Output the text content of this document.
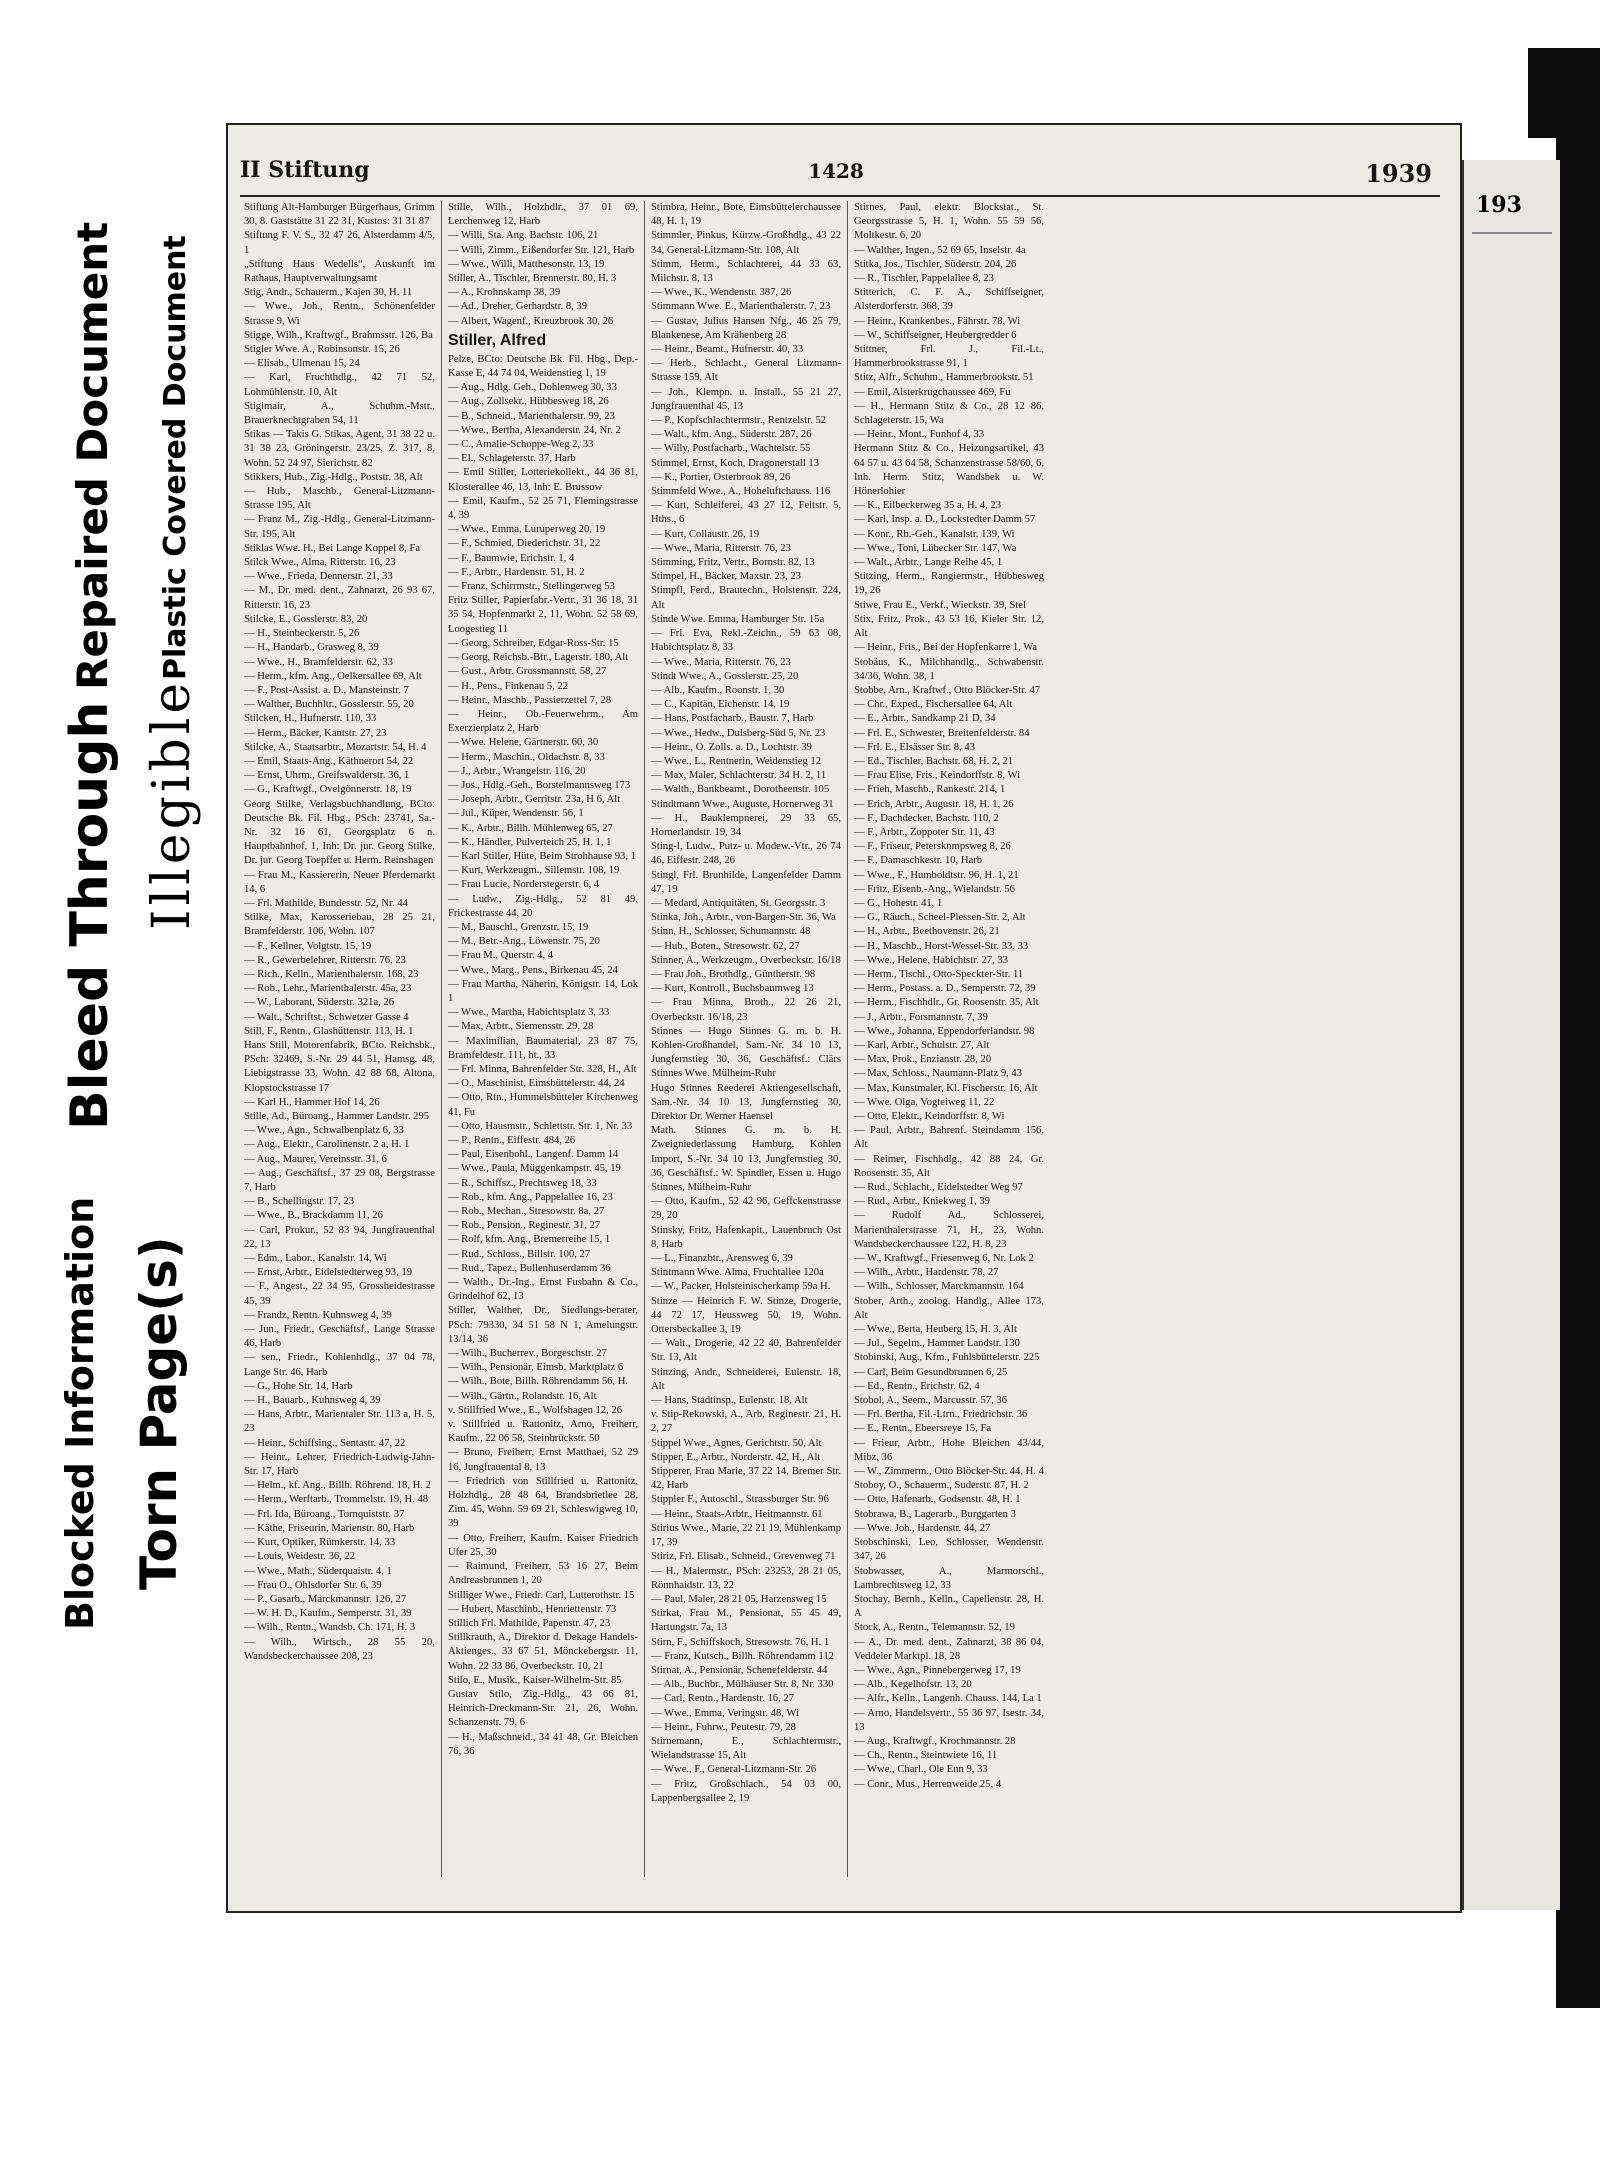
Blocked Information
Bleed Through
Repaired Document
Torn Page(s)
Illegible
Plastic Covered Document
II Stiftung	1428	1939

Stiftung Alt-Hamburger Bürgerhaus, Grimm 30, 8. Gaststätte 31 22 31, Kustos: 31 31 87

Stiftung F. V. S., 32 47 26, Alsterdamm 4/5, 1

„Stiftung Haus Wedells“, Auskunft im Rathaus, Hauptverwaltungsamt

Stig, Andr., Schauerm., Kajen 30, H. 11

— Wwe., Joh., Rentn., Schönenfelder Strasse 9, Wi

Stigge, Wilh., Kraftwgf., Brahmsstr. 126, Ba

Stigler Wwe. A., Robinsonstr. 15, 26

— Elisab., Ulmenau 15, 24

— Karl, Fruchthdlg., 42 71 52, Lohmühlenstr. 10, Alt

Stiglmair, A., Schuhm.-Mstr., Brauerknechtgraben 54, 11

Stikas — Takis G. Stikas, Agent, 31 38 22 u. 31 38 23, Gröningerstr. 23/25, Z. 317, 8, Wohn. 52 24 97, Sierichstr. 82

Stikkers, Hub., Zig.-Hdlg., Poststr. 38, Alt

— Hub., Maschb., General-Litzmann-Strasse 195, Alt

— Franz M., Zig.-Hdlg., General-Litzmann-Str. 195, Alt

Stiklas Wwe. H., Bei Lange Koppel 8, Fa

Stilck Wwe., Alma, Ritterstr. 16, 23

— Wwe., Frieda, Dennerstr. 21, 33

— M., Dr. med. dent., Zahnarzt, 26 93 67, Ritterstr. 16, 23

Stilcke, E., Gosslerstr. 83, 20

— H., Steinbeckerstr. 5, 26

— H., Handarb., Grasweg 8, 39

— Wwe., H., Bramfelderstr. 62, 33

— Herm., kfm. Ang., Oelkersallee 69, Alt

— F., Post-Assist. a. D., Mansteinstr. 7

— Walther, Buchhltr., Gosslerstr. 55, 20

Stilcken, H., Hufnerstr. 110, 33

— Herm., Bäcker, Kantstr. 27, 23

Stilcke, A., Staatsarbtr., Mozartstr. 54, H. 4

— Emil, Staats-Ang., Käthnerort 54, 22

— Ernst, Uhrm., Greifswalderstr. 36, 1

— G., Kraftwgf., Ovelgönnerstr. 18, 19

Georg Stilke, Verlagsbuchhandlung, BCto: Deutsche Bk. Fil. Hbg., PSch: 23741, Sa.-Nr. 32 16 61, Georgsplatz 6 n. Hauptbahnhof, 1, Inh: Dr. jur. Georg Stilke, Dr. jur. Georg Toepffer u. Herm. Reinshagen

— Frau M., Kassiererin, Neuer Pferdemarkt 14, 6

— Frl. Mathilde, Bundesstr. 52, Nr. 44

Stilke, Max, Karosseriebau, 28 25 21, Bramfelderstr. 106, Wohn. 107

— F., Kellner, Volgtstr. 15, 19

— R., Gewerbelehrer, Ritterstr. 76, 23

— Rich., Kelln., Marienthalerstr. 168, 23

— Rob., Lehr., Marienthalerstr. 45a, 23

— W., Laborant, Süderstr. 321a, 26

— Walt., Schriftst., Schwetzer Gasse 4

Still, F., Rentn., Glashüttenstr. 113, H. 1

Hans Still, Motorenfabrik, BCto. Reichsbk., PSch: 32469, S.-Nr. 29 44 51, Hamsg. 48, Liebigstrasse 33, Wohn. 42 88 68, Altona, Klopstockstrasse 17

— Karl H., Hammer Hof 14, 26

Stille, Ad., Büroang., Hammer Landstr. 295

— Wwe., Agn., Schwalbenplatz 6, 33

— Aug., Elektr., Carolinenstr. 2 a, H. 1

— Aug., Maurer, Vereinsstr. 31, 6

— Aug., Geschäftsf., 37 29 08, Bergstrasse 7, Harb

— B., Schellingstr. 17, 23

— Wwe., B., Brackdamm 11, 26

— Carl, Prokur., 52 83 94, Jungfrauenthal 22, 13

— Edm., Labor., Kanalstr. 14, Wi

— Ernst, Arbtr., Eidelstedterweg 93, 19

— F., Angest., 22 34 95, Grossheidestrasse 45, 39

— Frandz, Rentn. Kuhnsweg 4, 39

— Jun., Friedr., Geschäftsf., Lange Strasse 46, Harb

— sen., Friedr., Kohlenhdlg., 37 04 78, Lange Str. 46, Harb

— G., Hohe Str. 14, Harb

— H., Bauarb., Kuhnsweg 4, 39

— Hans, Arbtr., Marientaler Str. 113 a, H. 5, 23

— Heinr., Schiffsing., Sentastr. 47, 22

— Heinr., Lehrer, Friedrich-Ludwig-Jahn-Str. 17, Harb

— Helm., kf. Ang., Billh. Röhrend. 18, H. 2

— Herm., Werftarb., Trommelstr. 19, H. 48

— Frl. Ida, Büroang., Tornquiststr. 37

— Käthe, Friseurin, Marienstr. 80, Harb

— Kurt, Optiker, Rümkerstr. 14, 33

— Louis, Weidestr. 36, 22

— Wwe., Math., Süderquaistr. 4, 1

— Frau O., Ohlsdorfer Str. 6, 39

— P., Gasarb., Marckmannstr. 126, 27

— W. H. D., Kaufm., Semperstr. 31, 39

— Wilh., Rentn., Wandsb. Ch. 171, H. 3

— Wilh., Wirtsch., 28 55 20, Wandsbeckerchaussee 208, 23

Stille, Wilh., Holzhdlr., 37 01 69, Lerchenweg 12, Harb

— Willi, Sta. Ang. Bachstr. 106, 21

— Willi, Zimm., Eißendorfer Str. 121, Harb

— Wwe., Willi, Matthesonstr. 13, 19

Stiller, A., Tischler, Brennerstr. 80, H. 3

— A., Krohnskamp 38, 39

— Ad., Dreher, Gerhardstr. 8, 39

— Albert, Wagenf., Kreuzbrook 30, 26

Stiller, Alfred

Pelze, BCto: Deutsche Bk. Fil. Hbg., Dep.-Kasse E, 44 74 04, Weidenstieg 1, 19

— Aug., Hdlg. Geh., Dohlenweg 30, 33

— Aug., Zollsekr., Hübbesweg 18, 26

— B., Schneid., Marienthalerstr. 99, 23

— Wwe., Bertha, Alexanderstr. 24, Nr. 2

— C., Amalie-Schoppe-Weg 2, 33

— El., Schlageterstr. 37, Harb

— Emil Stiller, Lotteriekollekt., 44 36 81, Klosterallee 46, 13, Inh: E. Brussow

— Emil, Kaufm., 52 25 71, Flemingstrasse 4, 39

— Wwe., Emma, Luruperweg 20, 19

— F., Schmied, Diederichstr. 31, 22

— F., Baumwie, Erichstr. 1, 4

— F., Arbtr., Hardenstr. 51, H. 2

— Franz, Schirrmstr., Stellingerweg 53

Fritz Stiller, Papierfabr.-Vertr., 31 36 18, 31 35 54, Hopfenmarkt 2, 11, Wohn. 52 58 69, Loogestieg 11

— Georg, Schreiber, Edgar-Ross-Str. 15

— Georg, Reichsb.-Btr., Lagerstr. 180, Alt

— Gust., Arbtr. Grossmannstr. 58, 27

— H., Pens., Finkenau 5, 22

— Heinr., Maschb., Passierzettel 7, 28

— Heinr., Ob.-Feuerwehrm., Am Exerzierplatz 2, Harb

— Wwe. Helene, Gärtnerstr. 60, 30

— Herm., Maschin., Oldachstr. 8, 33

— J., Arbtr., Wrangelstr. 116, 20

— Jos., Hdlg.-Geh., Borstelmannsweg 173

— Joseph, Arbtr., Gerritstr. 23a, H 6, Alt

— Jul., Küper, Wendenstr. 56, 1

— K., Arbtr., Billh. Mühlenweg 65, 27

— K., Händler, Pulverteich 25, H. 1, 1

— Karl Stiller, Hüte, Beim Strohhause 93, 1

— Kurt, Werkzeugm., Sillemstr. 108, 19

— Frau Lucie, Norderstegerstr. 6, 4

— Ludw., Zig.-Hdlg., 52 81 49, Frickestrasse 44, 20

— M., Bauschl., Grenzstr. 15, 19

— M., Betr.-Ang., Löwenstr. 75, 20

— Frau M., Querstr. 4, 4

— Wwe., Marg., Pens., Birkenau 45, 24

— Frau Martha, Näherin, Königstr. 14, Lok 1

— Wwe., Martha, Habichtsplatz 3, 33

— Max, Arbtr., Siemensstr. 29, 28

— Maximilian, Baumaterial, 23 87 75, Bramfeldestr. 111, ht., 33

— Frl. Minna, Bahrenfelder Str. 328, H., Alt

— O., Maschinist, Eimsbüttelerstr. 44, 24

— Otto, Rtn., Hummelsbütteler Kirchenweg 41, Fu

— Otto, Hausmstr., Schlettstr. Str. 1, Nr. 33

— P., Rentn., Eiffestr. 484, 26

— Paul, Eisenbohl., Langenf. Damm 14

— Wwe., Paula, Müggenkampstr. 45, 19

— R., Schiffsz., Prechtsweg 18, 33

— Rob., kfm. Ang., Pappelallee 16, 23

— Rob., Mechan., Stresowstr. 8a, 27

— Rob., Pension., Reginestr. 31, 27

— Rolf, kfm. Ang., Bremerreihe 15, 1

— Rud., Schloss., Billstr. 100, 27

— Rud., Tapez., Bullenhuserdamm 36

— Walth., Dr.-Ing., Ernst Fusbahn & Co., Grindelhof 62, 13

Stiller, Walther, Dr., Siedlungs-berater, PSch: 79330, 34 51 58 N 1, Amelungstr. 13/14, 36

— Wilh., Bucherrev., Borgeschstr. 27

— Wilh., Pensionär, Eimsb. Marktplatz 6

— Wilh., Bote, Billh. Röhrendamm 56, H.

— Wilh., Gärtn., Rolandstr. 16, Alt

v. Stillfried Wwe., E., Wolfshagen 12, 26

v. Stillfried u. Rattonitz, Arno, Freiherr, Kaufm., 22 06 58, Steinbrückstr. 50

— Bruno, Freiherr, Ernst Matthaei, 52 29 16, Jungfrauental 8, 13

— Friedrich von Stillfried u. Rattonitz, Holzhdlg., 28 48 64, Brandsbrietlee 28, Zim. 45, Wohn. 59 69 21, Schleswigweg 10, 39

— Otto, Freiherr, Kaufm. Kaiser Friedrich Ufer 25, 30

— Raimund, Freiherr, 53 16 27, Beim Andreasbrunnen 1, 20

Stilliger Wwe., Friedr. Carl, Lutterothstr. 15

— Hubert, Maschinb., Henriettenstr. 73

Stillich Frl. Mathilde, Papenstr. 47, 23

Stillkrauth, A., Direktor d. Dekage Handels-Aktienges., 33 67 51, Mönckebergstr. 11, Wohn. 22 33 86, Overbeckstr. 10, 21

Stilo, E., Musik., Kaiser-Wilhelm-Str. 85

Gustav Stilo, Zig.-Hdlg., 43 66 81, Heinrich-Dreckmann-Str. 21, 26, Wohn. Schanzenstr. 79, 6

— H., Maßschneid., 34 41 48, Gr. Bleichen 76, 36

Stimbra, Heinr., Bote, Eimsbüttelerchaussee 48, H. 1, 19

Stimmler, Pinkus, Kürzw.-Großhdlg., 43 22 34, General-Litzmann-Str. 108, Alt

Stimm, Herm., Schlachterei, 44 33 63, Milchstr. 8, 13

— Wwe., K., Wendenstr. 387, 26

Stimmann Wwe. E., Marienthalerstr. 7, 23

— Gustav, Julius Hansen Nfg., 46 25 79, Blankenese, Am Krähenberg 28

— Heinr., Beamt., Hufnerstr. 40, 33

— Herb., Schlacht., General Litzmann-Strasse 159, Alt

— Joh., Klempn. u. Install., 55 21 27, Jungfrauenthal 45, 13

— P., Kopfschlachtermstr., Rentzelstr. 52

— Walt., kfm. Ang., Süderstr. 287, 26

— Willy, Postfacharb., Wachtelstr. 55

Stimmel, Ernst, Koch, Dragonerstall 13

— K., Portier, Osterbrook 89, 26

Stimmfeld Wwe., A., Hoheluftchauss. 116

— Kurt, Schleiferei, 43 27 12, Feltstr. 5, Hths., 6

— Kurt, Collaustr. 26, 19

— Wwe., Maria, Ritterstr. 76, 23

Stimming, Fritz, Vertr., Bornstr. 82, 13

Stimpel, H., Bäcker, Maxstr. 23, 23

Stimpfl, Ferd., Brautechn., Holstenstr. 224, Alt

Stinde Wwe. Emma, Hamburger Str. 15a

— Frl. Eva, Rekl.-Zeichn., 59 63 08, Habichtsplatz 8, 33

— Wwe., Maria, Ritterstr. 76, 23

Stindt Wwe., A., Gosslerstr. 25, 20

— Alb., Kaufm., Roonstr. 1, 30

— C., Kapitän, Eichenstr. 14, 19

— Hans, Postfacharb., Baustr. 7, Harb

— Wwe., Hedw., Dulsberg-Süd 5, Nr. 23

— Heinr., O. Zolls. a. D., Lochtstr. 39

— Wwe., L., Rentnerin, Weidenstieg 12

— Max, Maler, Schlachterstr. 34 H. 2, 11

— Walth., Bankbeamt., Dorotheenstr. 105

Stindtmann Wwe., Auguste, Hornerweg 31

— H., Bauklempnerei, 29 33 65, Hornerlandstr. 19, 34

Sting-l, Ludw., Putz- u. Modew.-Vtr., 26 74 46, Eiffestr. 248, 26

Stingl, Frl. Brunhilde, Langenfelder Damm 47, 19

— Medard, Antiquitäten, St. Georgsstr. 3

Stinka, Joh., Arbtr., von-Bargen-Str. 36, Wa

Stinn, H., Schlosser, Schumannstr. 48

— Hub., Boten., Stresowstr. 62, 27

Stinner, A., Werkzeugm., Overbeckstr. 16/18

— Frau Joh., Brothdlg., Güntherstr. 98

— Kurt, Kontroll., Buchsbaumweg 13

— Frau Minna, Broth., 22 26 21, Overbeckstr. 16/18, 23

Stinnes — Hugo Stinnes G. m. b. H. Kohlen-Großhandel, Sam.-Nr. 34 10 13, Jungfernstieg 30, 36, Geschäftsf.: Clärs Stinnes Wwe. Mülheim-Ruhr

Hugo Stinnes Reederei Aktiengesellschaft, Sam.-Nr. 34 10 13, Jungfernstieg 30, Direktor Dr. Werner Haensel

Math. Stinnes G. m. b. H. Zweigniederlassung Hamburg, Kohlen Import, S.-Nr. 34 10 13, Jungfernstieg 30, 36, Geschäftsf.: W. Spindler, Essen u. Hugo Stinnes, Mülheim-Ruhr

— Otto, Kaufm., 52 42 96, Geffckenstrasse 29, 20

Stinsky, Fritz, Hafenkapit., Lauenbruch Ost 8, Harb

— L., Finanzbtr., Arensweg 6, 39

Stintmann Wwe. Alma, Fruchtallee 120a

— W., Packer, Holsteinischerkamp 59a H.

Stinze — Heinrich F. W. Stinze, Drogerie, 44 72 17, Heussweg 50, 19, Wohn. Ottersbeckallee 3, 19

— Walt., Drogerie, 42 22 40, Bahrenfelder Str. 13, Alt

Stinzing, Andr., Schneiderei, Eulenstr. 18, Alt

— Hans, Stadtinsp., Eulenstr. 18, Alt

v. Stip-Rekowski, A., Arb, Reginestr. 21, H. 2, 27

Stippel Wwe., Agnes, Gerichtstr. 50, Alt

Stipper, E., Arbtr., Norderstr. 42, H., Alt

Stipperer, Frau Marie, 37 22 14, Bremer Str. 42, Harb

Stippler F., Autoschl., Strassburger Str. 96

— Heinr., Staats-Arbtr., Heitmannstr. 61

Stirius Wwe., Marie, 22 21 19, Mühlenkamp 17, 39

Stiriz, Frl. Elisab., Schneid., Grevenweg 71

— H., Malermstr., PSch: 23253, 28 21 05, Rönnhaidstr. 13, 22

— Paul, Maler, 28 21 05, Harzensweg 15

Stirkat, Frau M., Pensionat, 55 45 49, Hartungstr. 7a, 13

Stirn, F., Schiffskoch, Stresowstr. 76, H. 1

— Franz, Kutsch., Billh. Röhrendamm 112

Stirnat, A., Pensionär, Schenefelderstr. 44

— Alb., Buchbr., Mülhäuser Str. 8, Nr. 330

— Carl, Rentn., Hardenstr. 16, 27

— Wwe., Emma, Veringstr. 48, Wi

— Heinr., Fuhrw., Peutestr. 79, 28

Stirnemann, E., Schlachtermstr., Wielandstrasse 15, Alt

— Wwe., F., General-Litzmann-Str. 26

— Fritz, Großschlach., 54 03 00, Lappenbergsallee 2, 19

Stirnes, Paul, elektr. Blockstat., St. Georgsstrasse 5, H. 1, Wohn. 55 59 56, Moltkestr. 6, 20

— Walther, Ingen., 52 69 65, Inselstr. 4a

Stitka, Jos., Tischler, Süderstr. 204, 26

— R., Tischler, Pappelallee 8, 23

Stitterich, C. F. A., Schiffseigner, Alsterdorferstr. 368, 39

— Heinr., Krankenbes., Fährstr. 78, Wi

— W., Schiffseigner, Heubergredder 6

Stittner, Frl. J., Fil.-Lt., Hammerbrookstrasse 91, 1

Stitz, Alfr., Schuhm., Hammerbrookstr. 51

— Emil, Alsterkrugchaussee 469, Fu

— H., Hermann Stitz & Co., 28 12 86, Schlageterstr. 15, Wa

— Heinr., Mont., Funhof 4, 33

Hermann Stitz & Co., Heizungsartikel, 43 64 57 u. 43 64 58, Schanzenstrasse 58/60, 6, Inh. Herm. Stitz, Wandsbek u. W. Hönerlohier

— K., Eilbeckerweg 35 a, H. 4, 23

— Karl, Insp. a. D., Lockstedter Damm 57

— Konr., Rb.-Geh., Kanalstr. 139, Wi

— Wwe., Toni, Lübecker Str. 147, Wa

— Walt., Arbtr., Lange Reihe 45, 1

Stitzing, Herm., Rangiermstr., Hübbesweg 19, 26

Stiwe, Frau E., Verkf., Wieckstr. 39, Stel

Stix, Fritz, Prok., 43 53 16, Kieler Str. 12, Alt

— Heinr., Fris., Bei der Hopfenkarre 1, Wa

Stobäus, K., Milchhandlg., Schwabenstr. 34/36, Wohn. 38, 1

Stobbe, Arn., Kraftwf., Otto Blöcker-Str. 47

— Chr., Exped., Fischersallee 64, Alt

— E., Arbtr., Sandkamp 21 D, 34

— Frl. E., Schwester, Breitenfelderstr. 84

— Frl. E., Elsässer Str. 8, 43

— Ed., Tischler, Bachstr. 68, H. 2, 21

— Frau Elise, Fris., Keindorffstr. 8, Wi

— Frieh, Maschb., Rankestr. 214, 1

— Erich, Arbtr., Augustr. 18, H. 1, 26

— F., Dachdecker, Bachstr. 110, 2

— F., Arbtr., Zoppoter Str. 11, 43

— F., Friseur, Petersknmpsweg 8, 26

— F., Damaschkestr. 10, Harb

— Wwe., F., Humboldtstr. 96, H. 1, 21

— Fritz, Eisenb.-Ang., Wielandstr. 56

— G., Hohestr. 41, 1

— G., Räuch., Scheel-Plessen-Str. 2, Alt

— H., Arbtr., Beethovenstr. 26, 21

— H., Maschb., Horst-Wessel-Str. 33, 33

— Wwe., Helene, Habichtstr. 27, 33

— Herm., Tischl., Otto-Speckter-Str. 11

— Herm., Postass. a. D., Semperstr. 72, 39

— Herm., Fischhdlr., Gr. Roosenstr. 35, Alt

— J., Arbtr., Forsmannstr. 7, 39

— Wwe., Johanna, Eppendorferlandstr. 98

— Karl, Arbtr., Schulstr. 27, Alt

— Max, Prok., Enzianstr. 28, 20

— Max, Schloss., Naumann-Platz 9, 43

— Max, Kunstmaler, Kl. Fischerstr. 16, Alt

— Wwe. Olga, Vogteiweg 11, 22

— Otto, Elektr., Keindorffstr. 8, Wi

— Paul, Arbtr., Bahrenf. Steindamm 156, Alt

— Reimer, Fischhdlg., 42 88 24, Gr. Roosenstr. 35, Alt

— Rud., Schlacht., Eidelstedter Weg 97

— Rud., Arbtr., Kniekweg 1, 39

— Rudolf Ad., Schlosserei, Marienthalerstrasse 71, H., 23, Wohn. Wandsbeckerchaussee 122, H. 8, 23

— W., Kraftwgf., Friesenweg 6, Nr. Lok 2

— Wilh., Arbtr., Hardenstr. 78, 27

— Wilh., Schlosser, Marckmannstr. 164

Stober, Arth., zoolog. Handlg., Allee 173, Alt

— Wwe., Berta, Heuberg 15, H. 3, Alt

— Jul., Segelm., Hammer Landstr. 130

Stobinski, Aug., Kfm., Fuhlsbüttelerstr. 225

— Carl, Beim Gesundbrunnen 6, 25

— Ed., Rentn., Erichstr. 62, 4

Stobol, A., Seem., Marcusstr. 57, 36

— Frl. Bertha, Fil.-Ltrn., Friedrichstr. 36

— E., Rentn., Ebeersreye 15, Fa

— Frieur, Arbtr., Hohe Bleichen 43/44, Mibz, 36

— W., Zimmerm., Otto Blöcker-Str. 44, H. 4

Stoboy, O., Schauerm., Suderstr. 87, H. 2

— Otto, Hafenarb., Godsenstr. 48, H. 1

Stobrawa, B., Lagerarb., Burggarten 3

— Wwe. Joh., Hardenstr. 44, 27

Stobschinski, Leo, Schlosser, Wendenstr. 347, 26

Stobwasser, A., Marmorschl., Lambrechtsweg 12, 33

Stochay, Bernh., Kelln., Capellenstr. 28, H. A

Stock, A., Rentn., Telemannstr. 52, 19

— A., Dr. med. dent., Zahnarzt, 38 86 04, Veddeler Marktpl. 18, 28

— Wwe., Agn., Pinnebergerweg 17, 19

— Alb., Kegelhofstr. 13, 20

— Alfr., Kelln., Langenh. Chauss. 144, La 1

— Arno, Handelsvertr., 55 36 97, Isestr. 34, 13

— Aug., Kraftwgf., Krochmannstr. 28

— Ch., Rentn., Steintwiete 16, 11

— Wwe., Charl., Ole Enn 9, 33

— Conr., Mus., Herrenweide 25, 4

193
